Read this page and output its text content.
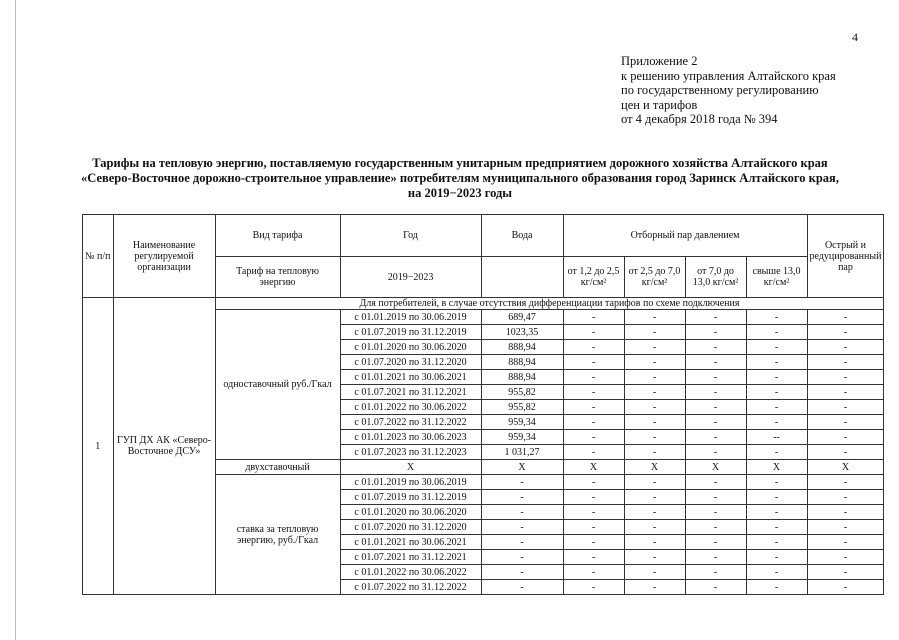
4
Приложение 2
к решению управления Алтайского края
по государственному регулированию
цен и тарифов
от 4 декабря 2018 года № 394
Тарифы на тепловую энергию, поставляемую государственным унитарным предприятием дорожного хозяйства Алтайского края
«Северо-Восточное дорожно-строительное управление» потребителям муниципального образования город Заринск Алтайского края,
на 2019−2023 годы
№ п/п	Наименование регулируемой организации	Вид тарифа	Год	Вода	Отборный пар давлением				Острый и редуцированный пар
		Тариф на тепловую энергию	2019−2023		от 1,2 до 2,5 кг/см²	от 2,5 до 7,0 кг/см²	от 7,0 до 13,0 кг/см²	свыше 13,0 кг/см²	
1	ГУП ДХ АК «Северо-Восточное ДСУ»	Для потребителей, в случае отсутствия дифференциации тарифов по схеме подключения							
		одноставочный руб./Гкал	с 01.01.2019 по 30.06.2019	689,47	-	-	-	-	-
			с 01.07.2019 по 31.12.2019	1023,35	-	-	-	-	-
			с 01.01.2020 по 30.06.2020	888,94	-	-	-	-	-
			с 01.07.2020 по 31.12.2020	888,94	-	-	-	-	-
			с 01.01.2021 по 30.06.2021	888,94	-	-	-	-	-
			с 01.07.2021 по 31.12.2021	955,82	-	-	-	-	-
			с 01.01.2022 по 30.06.2022	955,82	-	-	-	-	-
			с 01.07.2022 по 31.12.2022	959,34	-	-	-	-	-
			с 01.01.2023 по 30.06.2023	959,34	-	-	-	--	-
			с 01.07.2023 по 31.12.2023	1 031,27	-	-	-	-	-
		двухставочный	X	X	X	X	X	X	X
		ставка за тепловую энергию, руб./Гкал	с 01.01.2019 по 30.06.2019	-	-	-	-	-	-
			с 01.07.2019 по 31.12.2019	-	-	-	-	-	-
			с 01.01.2020 по 30.06.2020	-	-	-	-	-	-
			с 01.07.2020 по 31.12.2020	-	-	-	-	-	-
			с 01.01.2021 по 30.06.2021	-	-	-	-	-	-
			с 01.07.2021 по 31.12.2021	-	-	-	-	-	-
			с 01.01.2022 по 30.06.2022	-	-	-	-	-	-
			с 01.07.2022 по 31.12.2022	-	-	-	-	-	-
